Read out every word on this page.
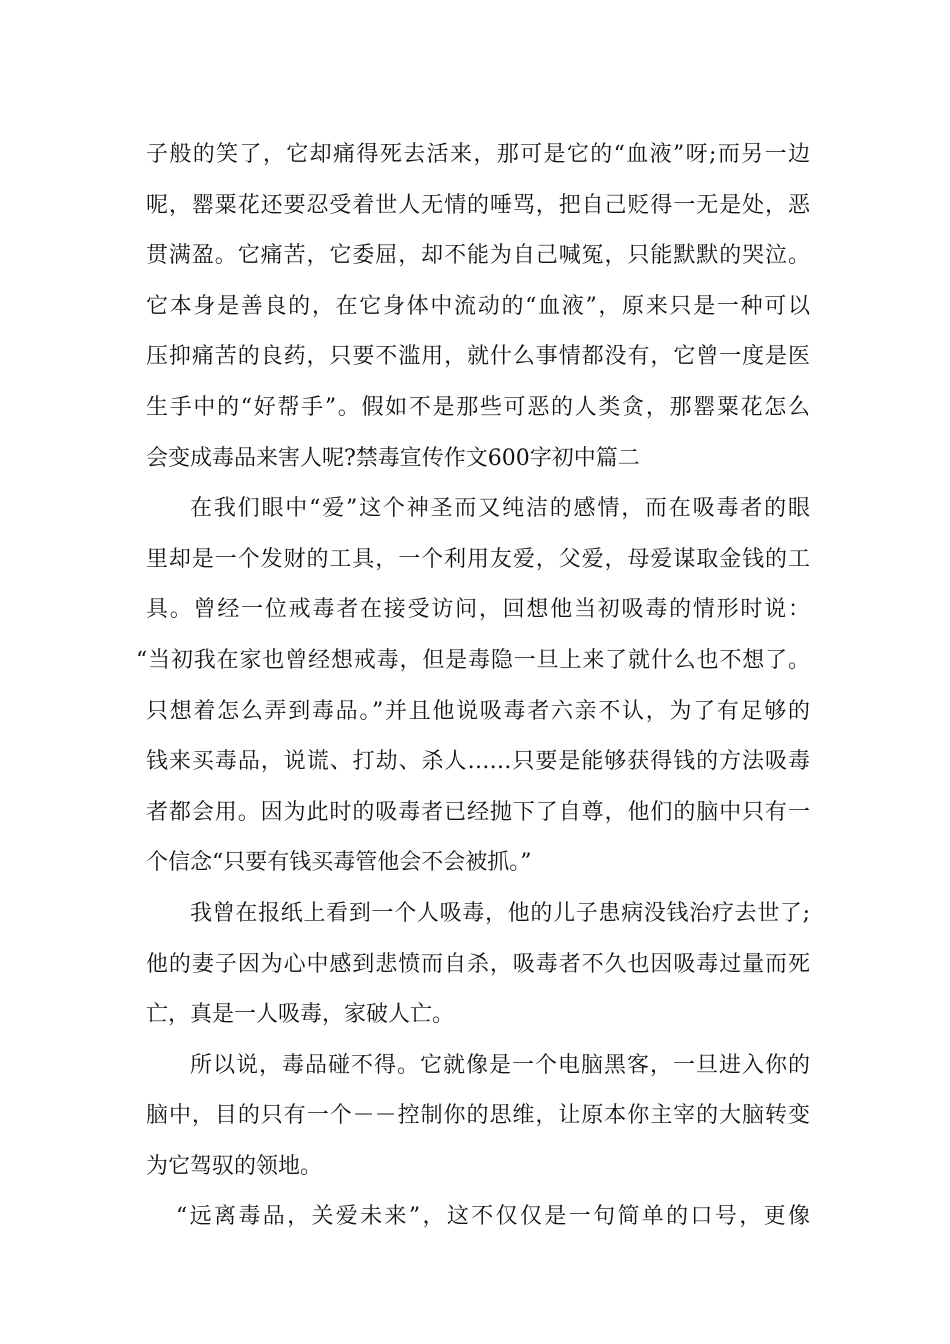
子般的笑了，它却痛得死去活来，那可是它的“血液”呀;而另一边
呢，罂粟花还要忍受着世人无情的唾骂，把自己贬得一无是处，恶
贯满盈。它痛苦，它委屈，却不能为自己喊冤，只能默默的哭泣。
它本身是善良的，在它身体中流动的“血液”，原来只是一种可以
压抑痛苦的良药，只要不滥用，就什么事情都没有，它曾一度是医
生手中的“好帮手”。假如不是那些可恶的人类贪，那罂粟花怎么
会变成毒品来害人呢?禁毒宣传作文600字初中篇二
在我们眼中“爱”这个神圣而又纯洁的感情，而在吸毒者的眼
里却是一个发财的工具，一个利用友爱，父爱，母爱谋取金钱的工
具。曾经一位戒毒者在接受访问，回想他当初吸毒的情形时说：
“当初我在家也曾经想戒毒，但是毒隐一旦上来了就什么也不想了。
只想着怎么弄到毒品。”并且他说吸毒者六亲不认，为了有足够的
钱来买毒品，说谎、打劫、杀人……只要是能够获得钱的方法吸毒
者都会用。因为此时的吸毒者已经抛下了自尊，他们的脑中只有一
个信念“只要有钱买毒管他会不会被抓。”
我曾在报纸上看到一个人吸毒，他的儿子患病没钱治疗去世了;
他的妻子因为心中感到悲愤而自杀，吸毒者不久也因吸毒过量而死
亡，真是一人吸毒，家破人亡。
所以说，毒品碰不得。它就像是一个电脑黑客，一旦进入你的
脑中，目的只有一个－－控制你的思维，让原本你主宰的大脑转变
为它驾驭的领地。
“远离毒品，关爱未来”，这不仅仅是一句简单的口号，更像
